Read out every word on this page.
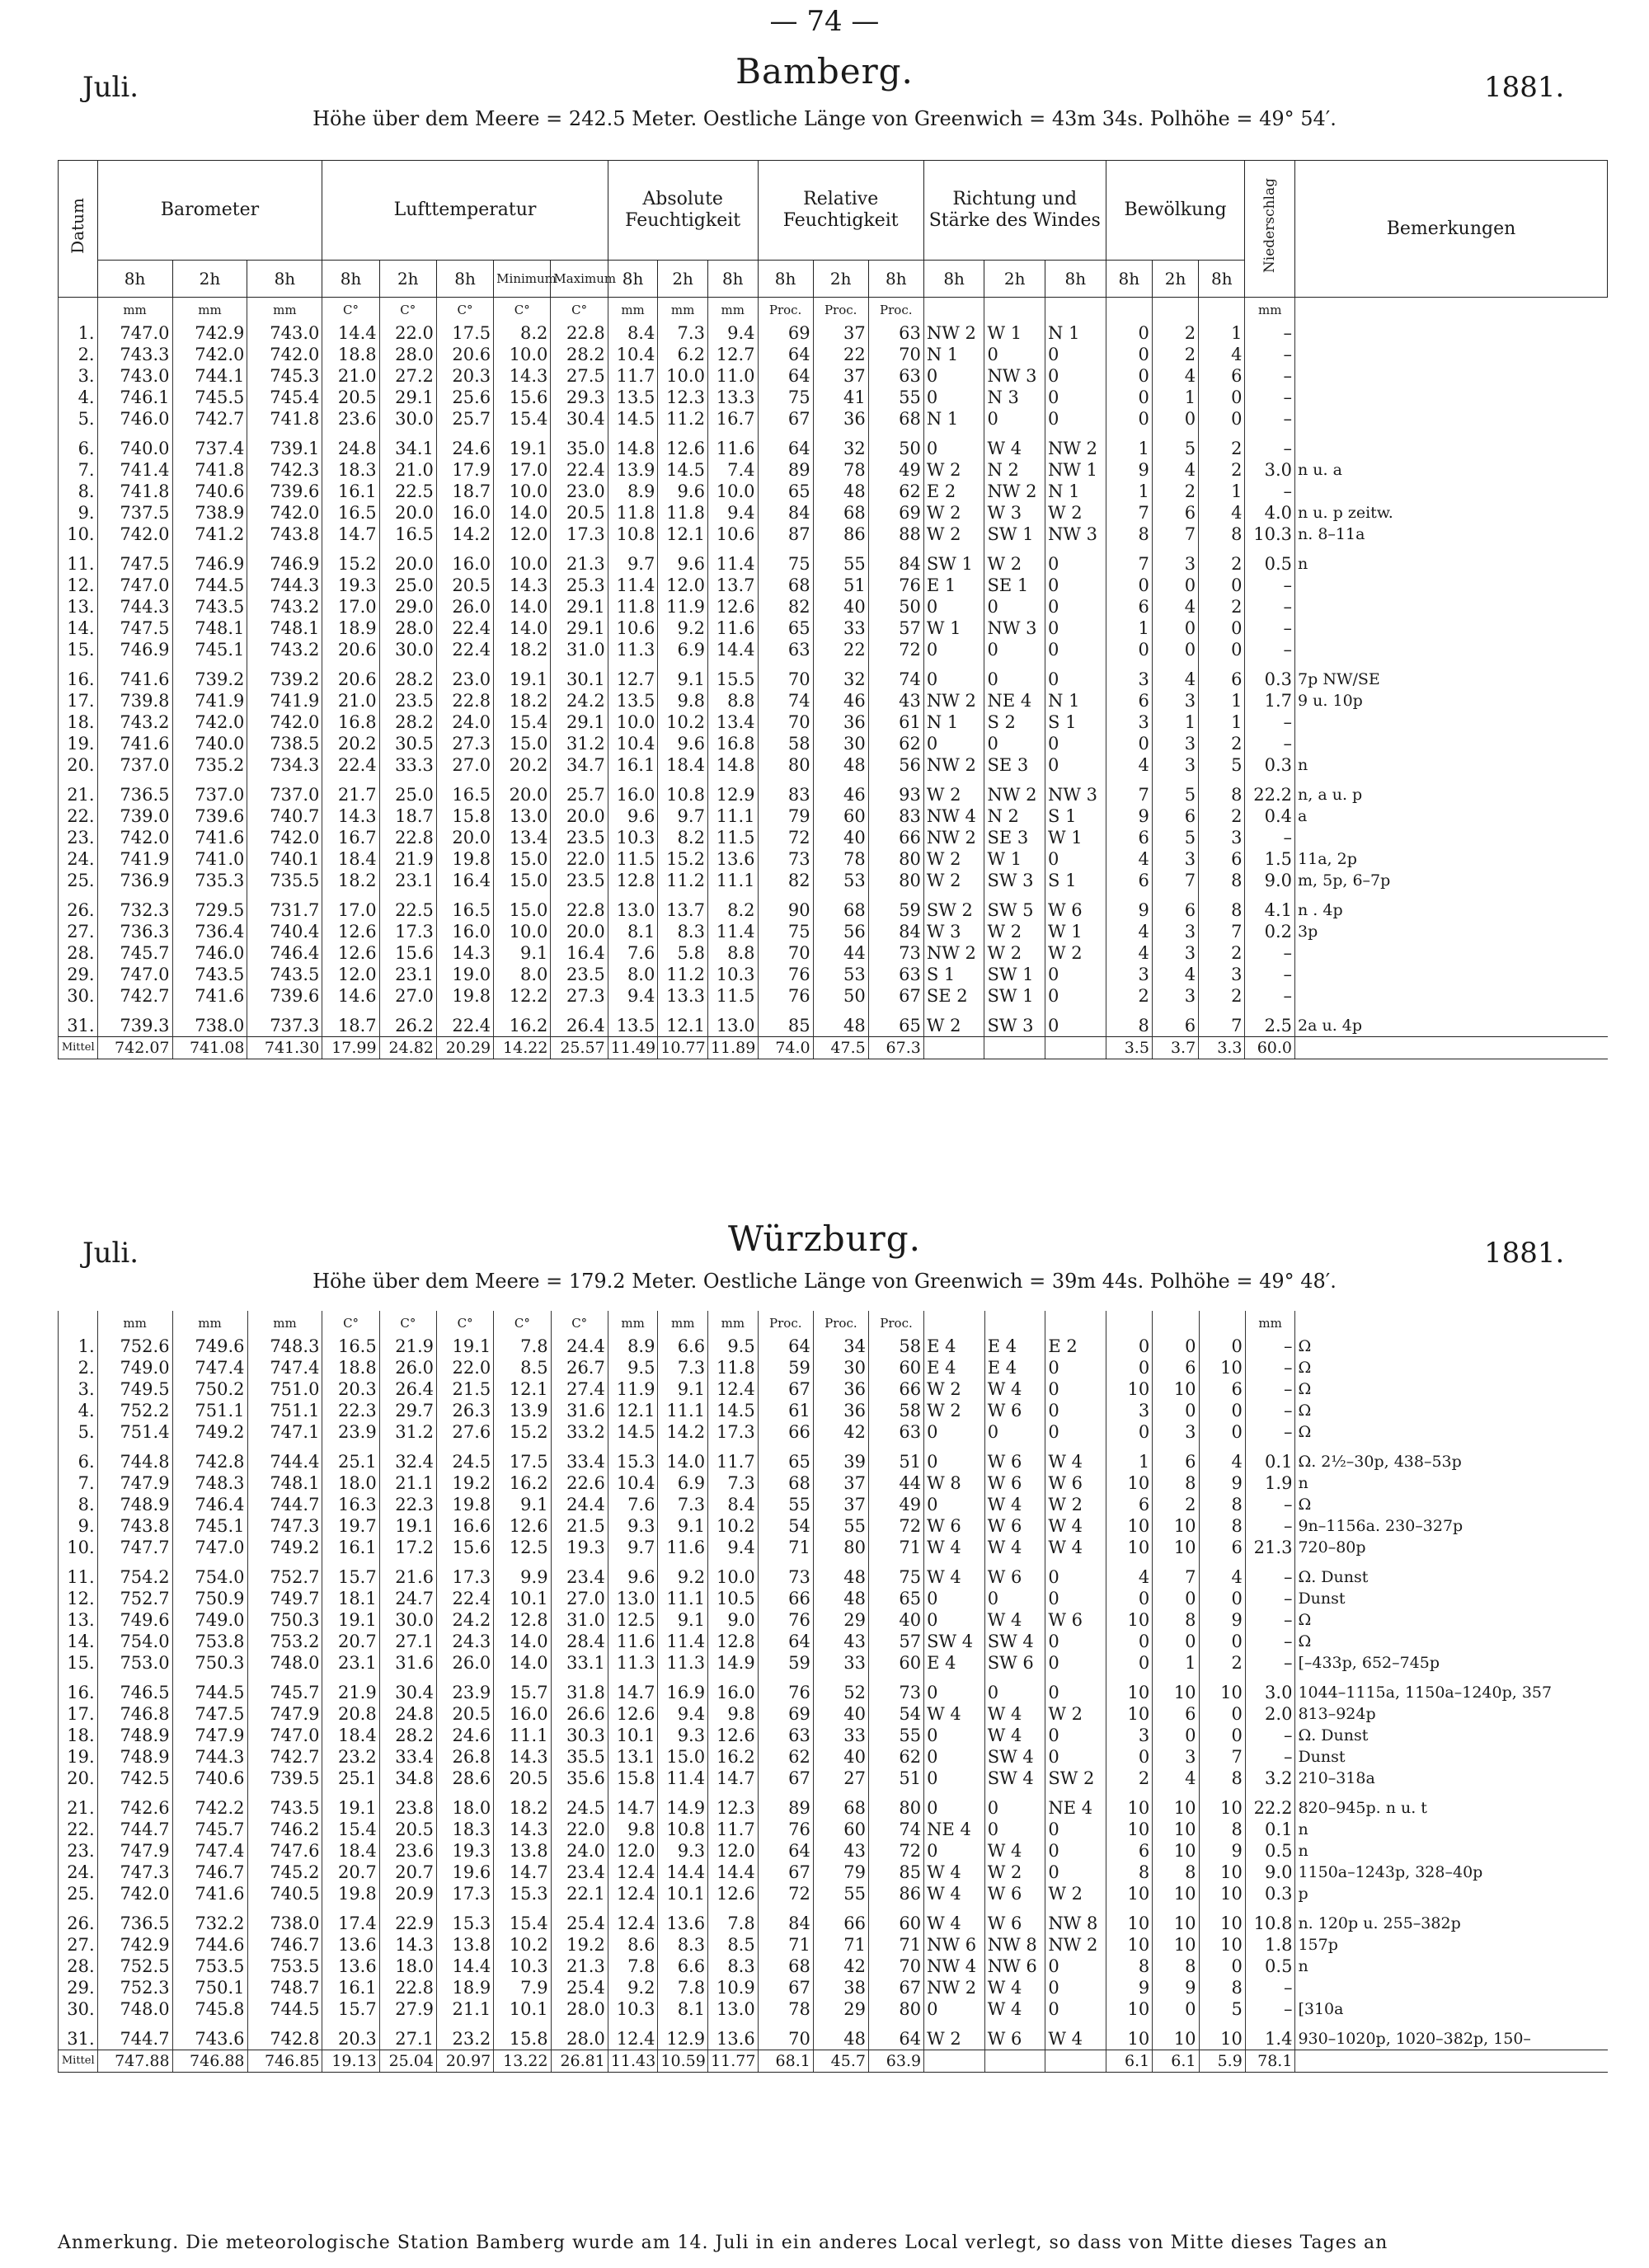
— 74 —
Juli.	Bamberg.	1881.
Höhe über dem Meere = 242.5 Meter. Oestliche Länge von Greenwich = 43m 34s. Polhöhe = 49° 54′.
Datum	Barometer			Lufttemperatur					Absolute Feuchtigkeit			Relative Feuchtigkeit			Richtung und Stärke des Windes			Bewölkung			Niederschlag	Bemerkungen
	8h	2h	8h	8h	2h	8h	Minimum	Maximum	8h	2h	8h	8h	2h	8h	8h	2h	8h	8h	2h	8h		
	mm	mm	mm	C°	C°	C°	C°	C°	mm	mm	mm	Proc.	Proc.	Proc.							mm	
1.	747.0	742.9	743.0	14.4	22.0	17.5	8.2	22.8	8.4	7.3	9.4	69	37	63	NW 2	W 1	N 1	0	2	1	–	
2.	743.3	742.0	742.0	18.8	28.0	20.6	10.0	28.2	10.4	6.2	12.7	64	22	70	N 1	0	0	0	2	4	–	
3.	743.0	744.1	745.3	21.0	27.2	20.3	14.3	27.5	11.7	10.0	11.0	64	37	63	0	NW 3	0	0	4	6	–	
4.	746.1	745.5	745.4	20.5	29.1	25.6	15.6	29.3	13.5	12.3	13.3	75	41	55	0	N 3	0	0	1	0	–	
5.	746.0	742.7	741.8	23.6	30.0	25.7	15.4	30.4	14.5	11.2	16.7	67	36	68	N 1	0	0	0	0	0	–	

6.	740.0	737.4	739.1	24.8	34.1	24.6	19.1	35.0	14.8	12.6	11.6	64	32	50	0	W 4	NW 2	1	5	2	–	
7.	741.4	741.8	742.3	18.3	21.0	17.9	17.0	22.4	13.9	14.5	7.4	89	78	49	W 2	N 2	NW 1	9	4	2	3.0	n u. a
8.	741.8	740.6	739.6	16.1	22.5	18.7	10.0	23.0	8.9	9.6	10.0	65	48	62	E 2	NW 2	N 1	1	2	1	–	
9.	737.5	738.9	742.0	16.5	20.0	16.0	14.0	20.5	11.8	11.8	9.4	84	68	69	W 2	W 3	W 2	7	6	4	4.0	n u. p zeitw.
10.	742.0	741.2	743.8	14.7	16.5	14.2	12.0	17.3	10.8	12.1	10.6	87	86	88	W 2	SW 1	NW 3	8	7	8	10.3	n. 8–11a

11.	747.5	746.9	746.9	15.2	20.0	16.0	10.0	21.3	9.7	9.6	11.4	75	55	84	SW 1	W 2	0	7	3	2	0.5	n
12.	747.0	744.5	744.3	19.3	25.0	20.5	14.3	25.3	11.4	12.0	13.7	68	51	76	E 1	SE 1	0	0	0	0	–	
13.	744.3	743.5	743.2	17.0	29.0	26.0	14.0	29.1	11.8	11.9	12.6	82	40	50	0	0	0	6	4	2	–	
14.	747.5	748.1	748.1	18.9	28.0	22.4	14.0	29.1	10.6	9.2	11.6	65	33	57	W 1	NW 3	0	1	0	0	–	
15.	746.9	745.1	743.2	20.6	30.0	22.4	18.2	31.0	11.3	6.9	14.4	63	22	72	0	0	0	0	0	0	–	

16.	741.6	739.2	739.2	20.6	28.2	23.0	19.1	30.1	12.7	9.1	15.5	70	32	74	0	0	0	3	4	6	0.3	7p NW/SE
17.	739.8	741.9	741.9	21.0	23.5	22.8	18.2	24.2	13.5	9.8	8.8	74	46	43	NW 2	NE 4	N 1	6	3	1	1.7	9 u. 10p
18.	743.2	742.0	742.0	16.8	28.2	24.0	15.4	29.1	10.0	10.2	13.4	70	36	61	N 1	S 2	S 1	3	1	1	–	
19.	741.6	740.0	738.5	20.2	30.5	27.3	15.0	31.2	10.4	9.6	16.8	58	30	62	0	0	0	0	3	2	–	
20.	737.0	735.2	734.3	22.4	33.3	27.0	20.2	34.7	16.1	18.4	14.8	80	48	56	NW 2	SE 3	0	4	3	5	0.3	n

21.	736.5	737.0	737.0	21.7	25.0	16.5	20.0	25.7	16.0	10.8	12.9	83	46	93	W 2	NW 2	NW 3	7	5	8	22.2	n, a u. p
22.	739.0	739.6	740.7	14.3	18.7	15.8	13.0	20.0	9.6	9.7	11.1	79	60	83	NW 4	N 2	S 1	9	6	2	0.4	a
23.	742.0	741.6	742.0	16.7	22.8	20.0	13.4	23.5	10.3	8.2	11.5	72	40	66	NW 2	SE 3	W 1	6	5	3	–	
24.	741.9	741.0	740.1	18.4	21.9	19.8	15.0	22.0	11.5	15.2	13.6	73	78	80	W 2	W 1	0	4	3	6	1.5	11a, 2p
25.	736.9	735.3	735.5	18.2	23.1	16.4	15.0	23.5	12.8	11.2	11.1	82	53	80	W 2	SW 3	S 1	6	7	8	9.0	m, 5p, 6–7p

26.	732.3	729.5	731.7	17.0	22.5	16.5	15.0	22.8	13.0	13.7	8.2	90	68	59	SW 2	SW 5	W 6	9	6	8	4.1	n . 4p
27.	736.3	736.4	740.4	12.6	17.3	16.0	10.0	20.0	8.1	8.3	11.4	75	56	84	W 3	W 2	W 1	4	3	7	0.2	3p
28.	745.7	746.0	746.4	12.6	15.6	14.3	9.1	16.4	7.6	5.8	8.8	70	44	73	NW 2	W 2	W 2	4	3	2	–	
29.	747.0	743.5	743.5	12.0	23.1	19.0	8.0	23.5	8.0	11.2	10.3	76	53	63	S 1	SW 1	0	3	4	3	–	
30.	742.7	741.6	739.6	14.6	27.0	19.8	12.2	27.3	9.4	13.3	11.5	76	50	67	SE 2	SW 1	0	2	3	2	–	

31.	739.3	738.0	737.3	18.7	26.2	22.4	16.2	26.4	13.5	12.1	13.0	85	48	65	W 2	SW 3	0	8	6	7	2.5	2a u. 4p
Mittel	742.07	741.08	741.30	17.99	24.82	20.29	14.22	25.57	11.49	10.77	11.89	74.0	47.5	67.3				3.5	3.7	3.3	60.0	
Juli.	Würzburg.	1881.
Höhe über dem Meere = 179.2 Meter. Oestliche Länge von Greenwich = 39m 44s. Polhöhe = 49° 48′.
	mm	mm	mm	C°	C°	C°	C°	C°	mm	mm	mm	Proc.	Proc.	Proc.							mm	
1.	752.6	749.6	748.3	16.5	21.9	19.1	7.8	24.4	8.9	6.6	9.5	64	34	58	E 4	E 4	E 2	0	0	0	–	Ω
2.	749.0	747.4	747.4	18.8	26.0	22.0	8.5	26.7	9.5	7.3	11.8	59	30	60	E 4	E 4	0	0	6	10	–	Ω
3.	749.5	750.2	751.0	20.3	26.4	21.5	12.1	27.4	11.9	9.1	12.4	67	36	66	W 2	W 4	0	10	10	6	–	Ω
4.	752.2	751.1	751.1	22.3	29.7	26.3	13.9	31.6	12.1	11.1	14.5	61	36	58	W 2	W 6	0	3	0	0	–	Ω
5.	751.4	749.2	747.1	23.9	31.2	27.6	15.2	33.2	14.5	14.2	17.3	66	42	63	0	0	0	0	3	0	–	Ω

6.	744.8	742.8	744.4	25.1	32.4	24.5	17.5	33.4	15.3	14.0	11.7	65	39	51	0	W 6	W 4	1	6	4	0.1	Ω. 2½–30p, 438–53p
7.	747.9	748.3	748.1	18.0	21.1	19.2	16.2	22.6	10.4	6.9	7.3	68	37	44	W 8	W 6	W 6	10	8	9	1.9	n
8.	748.9	746.4	744.7	16.3	22.3	19.8	9.1	24.4	7.6	7.3	8.4	55	37	49	0	W 4	W 2	6	2	8	–	Ω
9.	743.8	745.1	747.3	19.7	19.1	16.6	12.6	21.5	9.3	9.1	10.2	54	55	72	W 6	W 6	W 4	10	10	8	–	9n–1156a. 230–327p
10.	747.7	747.0	749.2	16.1	17.2	15.6	12.5	19.3	9.7	11.6	9.4	71	80	71	W 4	W 4	W 4	10	10	6	21.3	720–80p

11.	754.2	754.0	752.7	15.7	21.6	17.3	9.9	23.4	9.6	9.2	10.0	73	48	75	W 4	W 6	0	4	7	4	–	Ω. Dunst
12.	752.7	750.9	749.7	18.1	24.7	22.4	10.1	27.0	13.0	11.1	10.5	66	48	65	0	0	0	0	0	0	–	Dunst
13.	749.6	749.0	750.3	19.1	30.0	24.2	12.8	31.0	12.5	9.1	9.0	76	29	40	0	W 4	W 6	10	8	9	–	Ω
14.	754.0	753.8	753.2	20.7	27.1	24.3	14.0	28.4	11.6	11.4	12.8	64	43	57	SW 4	SW 4	0	0	0	0	–	Ω
15.	753.0	750.3	748.0	23.1	31.6	26.0	14.0	33.1	11.3	11.3	14.9	59	33	60	E 4	SW 6	0	0	1	2	–	[–433p, 652–745p

16.	746.5	744.5	745.7	21.9	30.4	23.9	15.7	31.8	14.7	16.9	16.0	76	52	73	0	0	0	10	10	10	3.0	1044–1115a, 1150a–1240p, 357
17.	746.8	747.5	747.9	20.8	24.8	20.5	16.0	26.6	12.6	9.4	9.8	69	40	54	W 4	W 4	W 2	10	6	0	2.0	813–924p
18.	748.9	747.9	747.0	18.4	28.2	24.6	11.1	30.3	10.1	9.3	12.6	63	33	55	0	W 4	0	3	0	0	–	Ω. Dunst
19.	748.9	744.3	742.7	23.2	33.4	26.8	14.3	35.5	13.1	15.0	16.2	62	40	62	0	SW 4	0	0	3	7	–	Dunst
20.	742.5	740.6	739.5	25.1	34.8	28.6	20.5	35.6	15.8	11.4	14.7	67	27	51	0	SW 4	SW 2	2	4	8	3.2	210–318a

21.	742.6	742.2	743.5	19.1	23.8	18.0	18.2	24.5	14.7	14.9	12.3	89	68	80	0	0	NE 4	10	10	10	22.2	820–945p. n u. t
22.	744.7	745.7	746.2	15.4	20.5	18.3	14.3	22.0	9.8	10.8	11.7	76	60	74	NE 4	0	0	10	10	8	0.1	n
23.	747.9	747.4	747.6	18.4	23.6	19.3	13.8	24.0	12.0	9.3	12.0	64	43	72	0	W 4	0	6	10	9	0.5	n
24.	747.3	746.7	745.2	20.7	20.7	19.6	14.7	23.4	12.4	14.4	14.4	67	79	85	W 4	W 2	0	8	8	10	9.0	1150a–1243p, 328–40p
25.	742.0	741.6	740.5	19.8	20.9	17.3	15.3	22.1	12.4	10.1	12.6	72	55	86	W 4	W 6	W 2	10	10	10	0.3	p

26.	736.5	732.2	738.0	17.4	22.9	15.3	15.4	25.4	12.4	13.6	7.8	84	66	60	W 4	W 6	NW 8	10	10	10	10.8	n. 120p u. 255–382p
27.	742.9	744.6	746.7	13.6	14.3	13.8	10.2	19.2	8.6	8.3	8.5	71	71	71	NW 6	NW 8	NW 2	10	10	10	1.8	157p
28.	752.5	753.5	753.5	13.6	18.0	14.4	10.3	21.3	7.8	6.6	8.3	68	42	70	NW 4	NW 6	0	8	8	0	0.5	n
29.	752.3	750.1	748.7	16.1	22.8	18.9	7.9	25.4	9.2	7.8	10.9	67	38	67	NW 2	W 4	0	9	9	8	–	
30.	748.0	745.8	744.5	15.7	27.9	21.1	10.1	28.0	10.3	8.1	13.0	78	29	80	0	W 4	0	10	0	5	–	[310a

31.	744.7	743.6	742.8	20.3	27.1	23.2	15.8	28.0	12.4	12.9	13.6	70	48	64	W 2	W 6	W 4	10	10	10	1.4	930–1020p, 1020–382p, 150–
Mittel	747.88	746.88	746.85	19.13	25.04	20.97	13.22	26.81	11.43	10.59	11.77	68.1	45.7	63.9				6.1	6.1	5.9	78.1	
Anmerkung. Die meteorologische Station Bamberg wurde am 14. Juli in ein anderes Local verlegt, so dass von Mitte dieses Tages an
